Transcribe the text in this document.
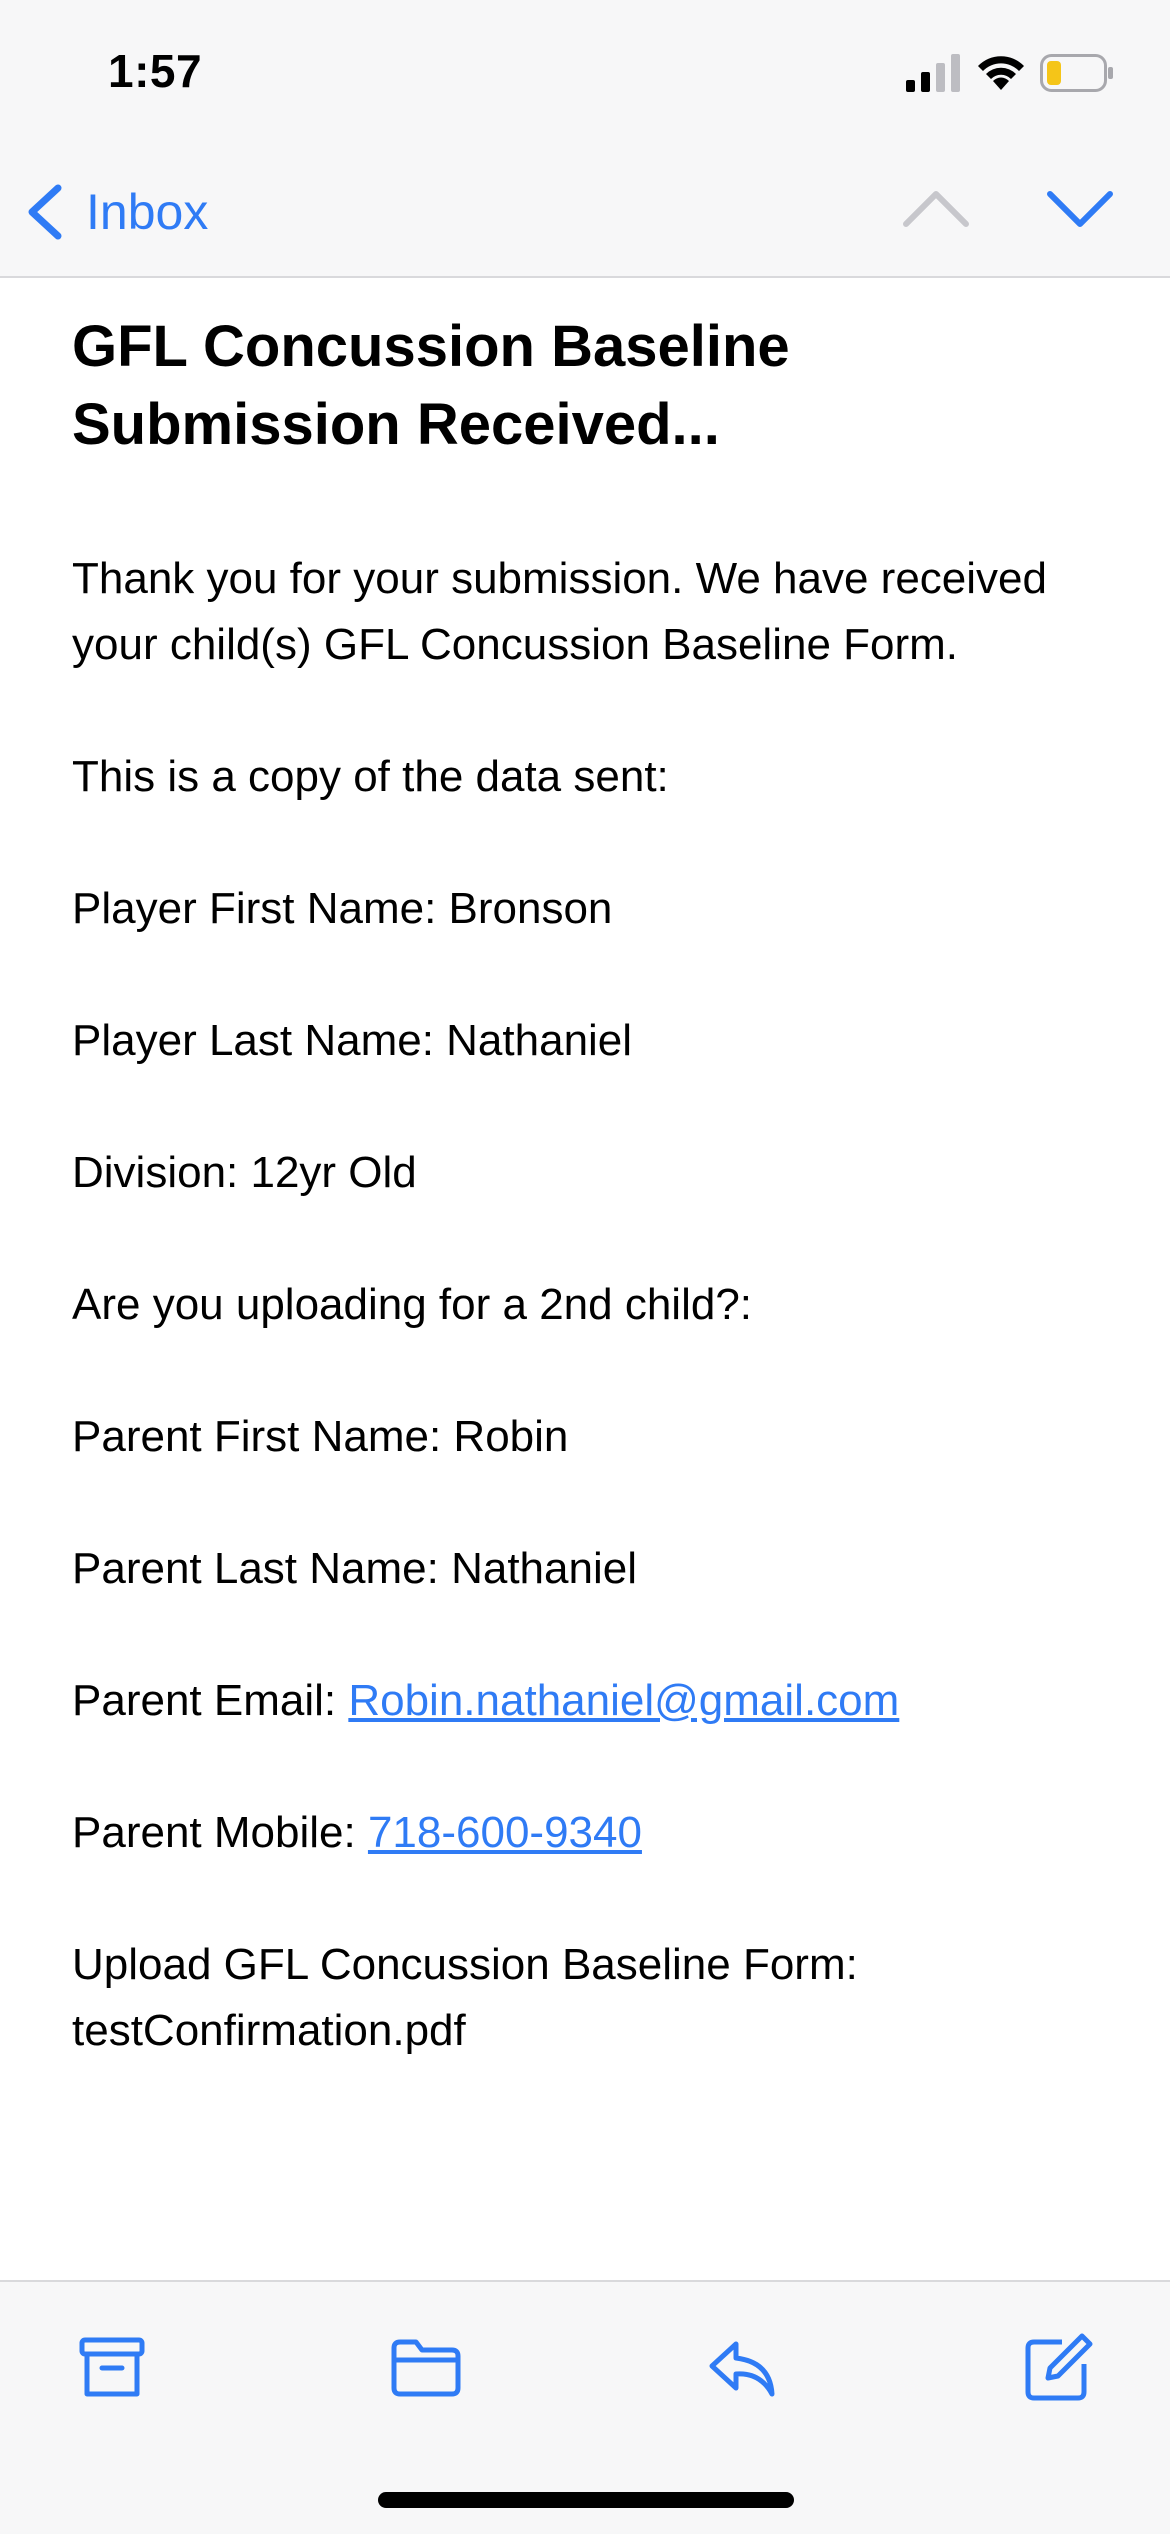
1:57
Inbox
GFL Concussion Baseline Submission Received...
Thank you for your submission. We have received your child(s) GFL Concussion Baseline Form.
This is a copy of the data sent:
Player First Name: Bronson
Player Last Name: Nathaniel
Division: 12yr Old
Are you uploading for a 2nd child?:
Parent First Name: Robin
Parent Last Name: Nathaniel
Parent Email: Robin.nathaniel@gmail.com
Parent Mobile: 718-600-9340
Upload GFL Concussion Baseline Form:
testConfirmation.pdf
